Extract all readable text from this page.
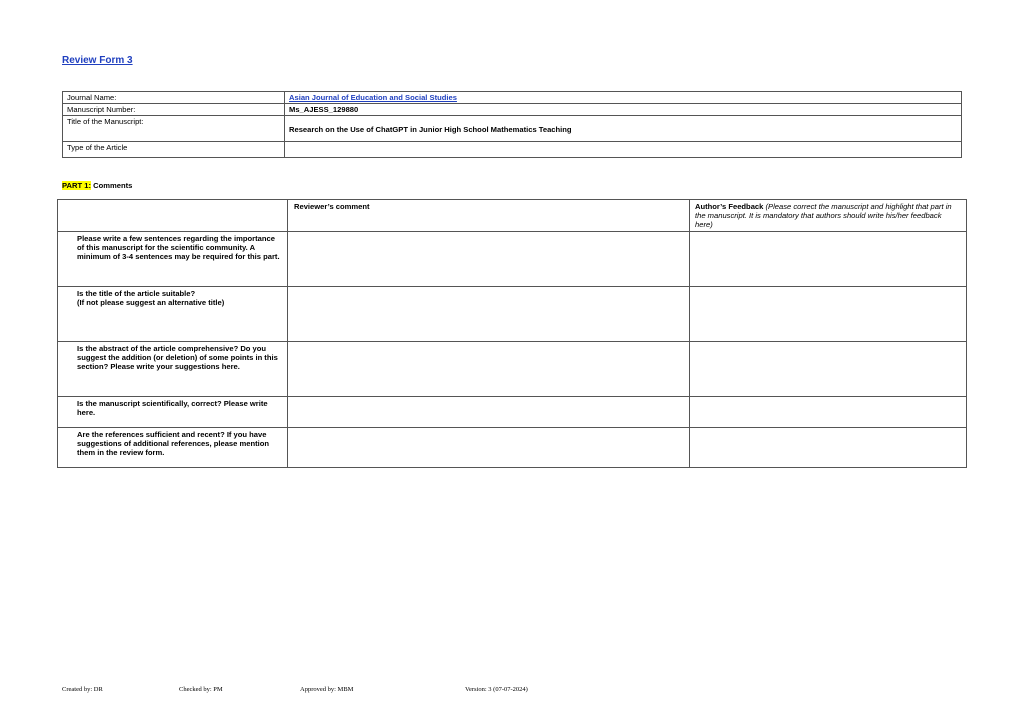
Review Form 3
Journal Name:	Asian Journal of Education and Social Studies
Manuscript Number:	Ms_AJESS_129880
Title of the Manuscript:	Research on the Use of ChatGPT in Junior High School Mathematics Teaching
Type of the Article	
PART 1: Comments
	Reviewer’s comment	Author’s Feedback (Please correct the manuscript and highlight that part in the manuscript. It is mandatory that authors should write his/her feedback here)
Please write a few sentences regarding the importance of this manuscript for the scientific community. A minimum of 3-4 sentences may be required for this part.		
Is the title of the article suitable?
(If not please suggest an alternative title)		
Is the abstract of the article comprehensive? Do you suggest the addition (or deletion) of some points in this section? Please write your suggestions here.		
Is the manuscript scientifically, correct? Please write here.		
Are the references sufficient and recent? If you have suggestions of additional references, please mention them in the review form.		
Created by: DR	Checked by: PM	Approved by: MBM	Version: 3 (07-07-2024)
